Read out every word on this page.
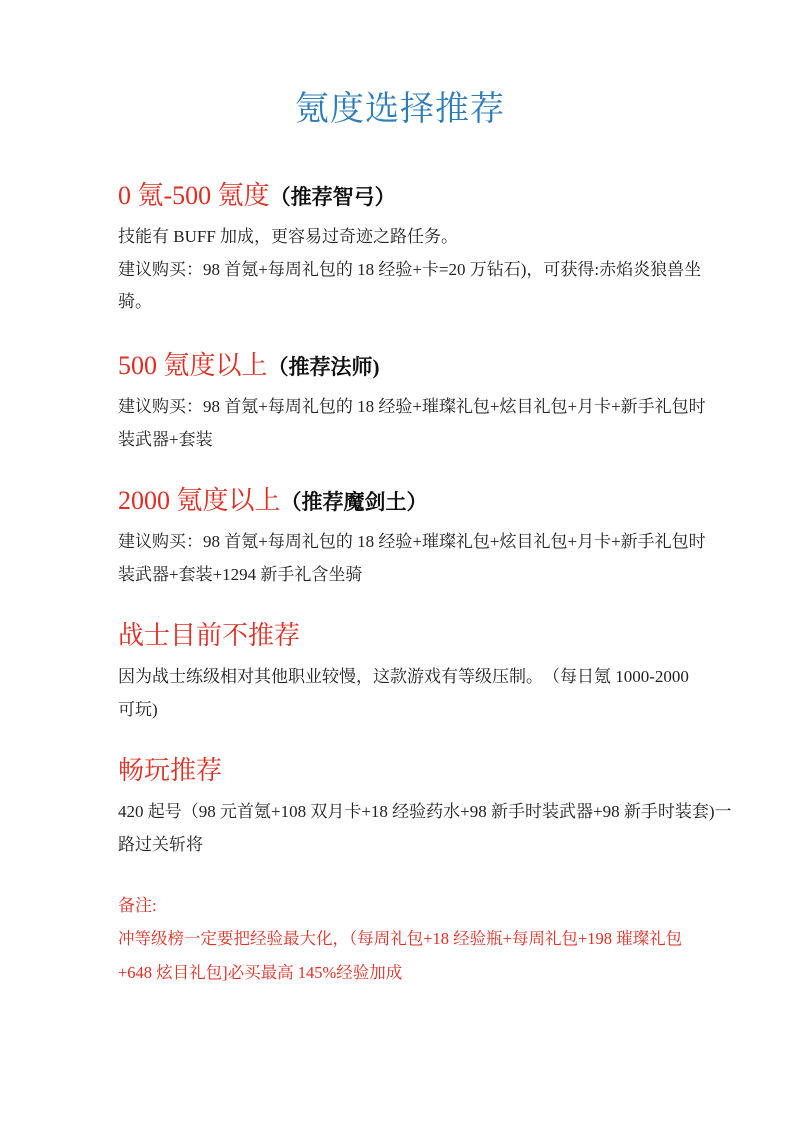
氪度选择推荐
0 氪-500 氪度（推荐智弓）
技能有 BUFF 加成，更容易过奇迹之路任务。
建议购买：98 首氪+每周礼包的 18 经验+卡=20 万钻石)，可获得:赤焰炎狼兽坐
骑。
500 氪度以上（推荐法师)
建议购买：98 首氪+每周礼包的 18 经验+璀璨礼包+炫目礼包+月卡+新手礼包时
装武器+套装
2000 氪度以上（推荐魔剑土）
建议购买：98 首氪+每周礼包的 18 经验+璀璨礼包+炫目礼包+月卡+新手礼包时
装武器+套装+1294 新手礼含坐骑
战士目前不推荐
因为战士练级相对其他职业较慢，这款游戏有等级压制。　（每日氪 1000-2000
可玩)
畅玩推荐
420 起号（98 元首氪+108 双月卡+18 经验药水+98 新手时装武器+98 新手时装套)一
路过关斩将
备注:
冲等级榜一定要把经验最大化，（每周礼包+18 经验瓶+每周礼包+198 璀璨礼包
+648 炫目礼包]必买最高 145%经验加成
